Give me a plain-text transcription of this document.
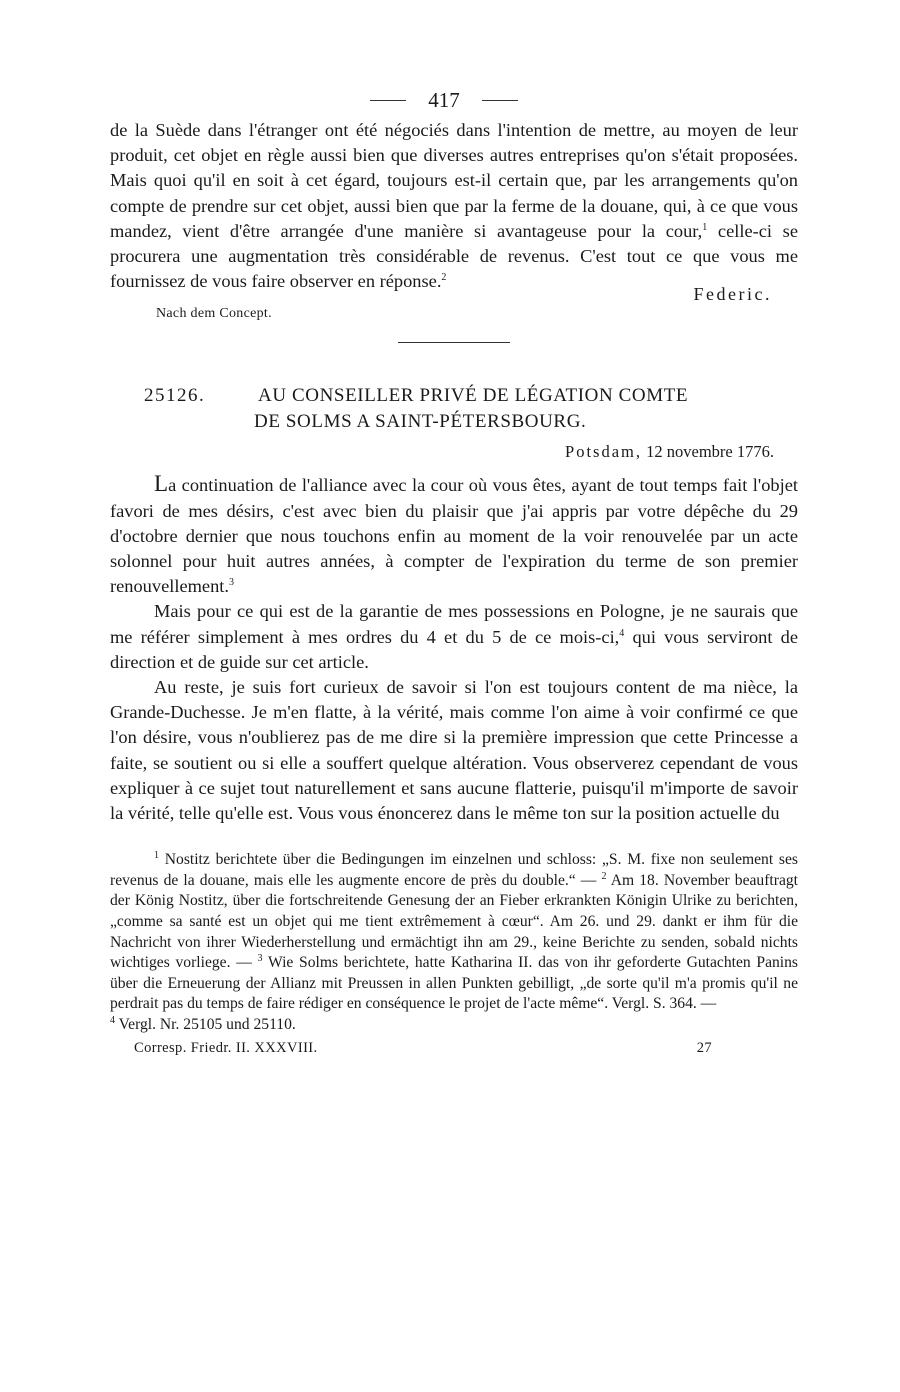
417

de la Suède dans l'étranger ont été négociés dans l'intention de mettre, au moyen de leur produit, cet objet en règle aussi bien que diverses autres entreprises qu'on s'était proposées. Mais quoi qu'il en soit à cet égard, toujours est-il certain que, par les arrangements qu'on compte de prendre sur cet objet, aussi bien que par la ferme de la douane, qui, à ce que vous mandez, vient d'être arrangée d'une manière si avantageuse pour la cour,$^1$ celle-ci se procurera une augmentation très considérable de revenus. C'est tout ce que vous me fournissez de vous faire observer en réponse.$^2$

Nach dem Concept.
Federic.
25126.	AU CONSEILLER PRIVÉ DE LÉGATION COMTE
DE SOLMS A SAINT-PÉTERSBOURG.
Potsdam, 12 novembre 1776.

La continuation de l'alliance avec la cour où vous êtes, ayant de tout temps fait l'objet favori de mes désirs, c'est avec bien du plaisir que j'ai appris par votre dépêche du 29 d'octobre dernier que nous touchons enfin au moment de la voir renouvelée par un acte solonnel pour huit autres années, à compter de l'expiration du terme de son premier renouvellement.$^3$

Mais pour ce qui est de la garantie de mes possessions en Pologne, je ne saurais que me référer simplement à mes ordres du 4 et du 5 de ce mois-ci,$^4$ qui vous serviront de direction et de guide sur cet article.

Au reste, je suis fort curieux de savoir si l'on est toujours content de ma nièce, la Grande-Duchesse. Je m'en flatte, à la vérité, mais comme l'on aime à voir confirmé ce que l'on désire, vous n'oublierez pas de me dire si la première impression que cette Princesse a faite, se soutient ou si elle a souffert quelque altération. Vous observerez cependant de vous expliquer à ce sujet tout naturellement et sans aucune flatterie, puisqu'il m'importe de savoir la vérité, telle qu'elle est. Vous vous énoncerez dans le même ton sur la position actuelle du

$^1$ Nostitz berichtete über die Bedingungen im einzelnen und schloss: „S. M. fixe non seulement ses revenus de la douane, mais elle les augmente encore de près du double.“ — $^2$ Am 18. November beauftragt der König Nostitz, über die fortschreitende Genesung der an Fieber erkrankten Königin Ulrike zu berichten, „comme sa santé est un objet qui me tient extrêmement à cœur“. Am 26. und 29. dankt er ihm für die Nachricht von ihrer Wiederherstellung und ermächtigt ihn am 29., keine Berichte zu senden, sobald nichts wichtiges vorliege. — $^3$ Wie Solms berichtete, hatte Katharina II. das von ihr geforderte Gutachten Panins über die Erneuerung der Allianz mit Preussen in allen Punkten gebilligt, „de sorte qu'il m'a promis qu'il ne perdrait pas du temps de faire rédiger en conséquence le projet de l'acte même“. Vergl. S. 364. —

$^4$ Vergl. Nr. 25105 und 25110.

Corresp. Friedr. II. XXXVIII.	27
